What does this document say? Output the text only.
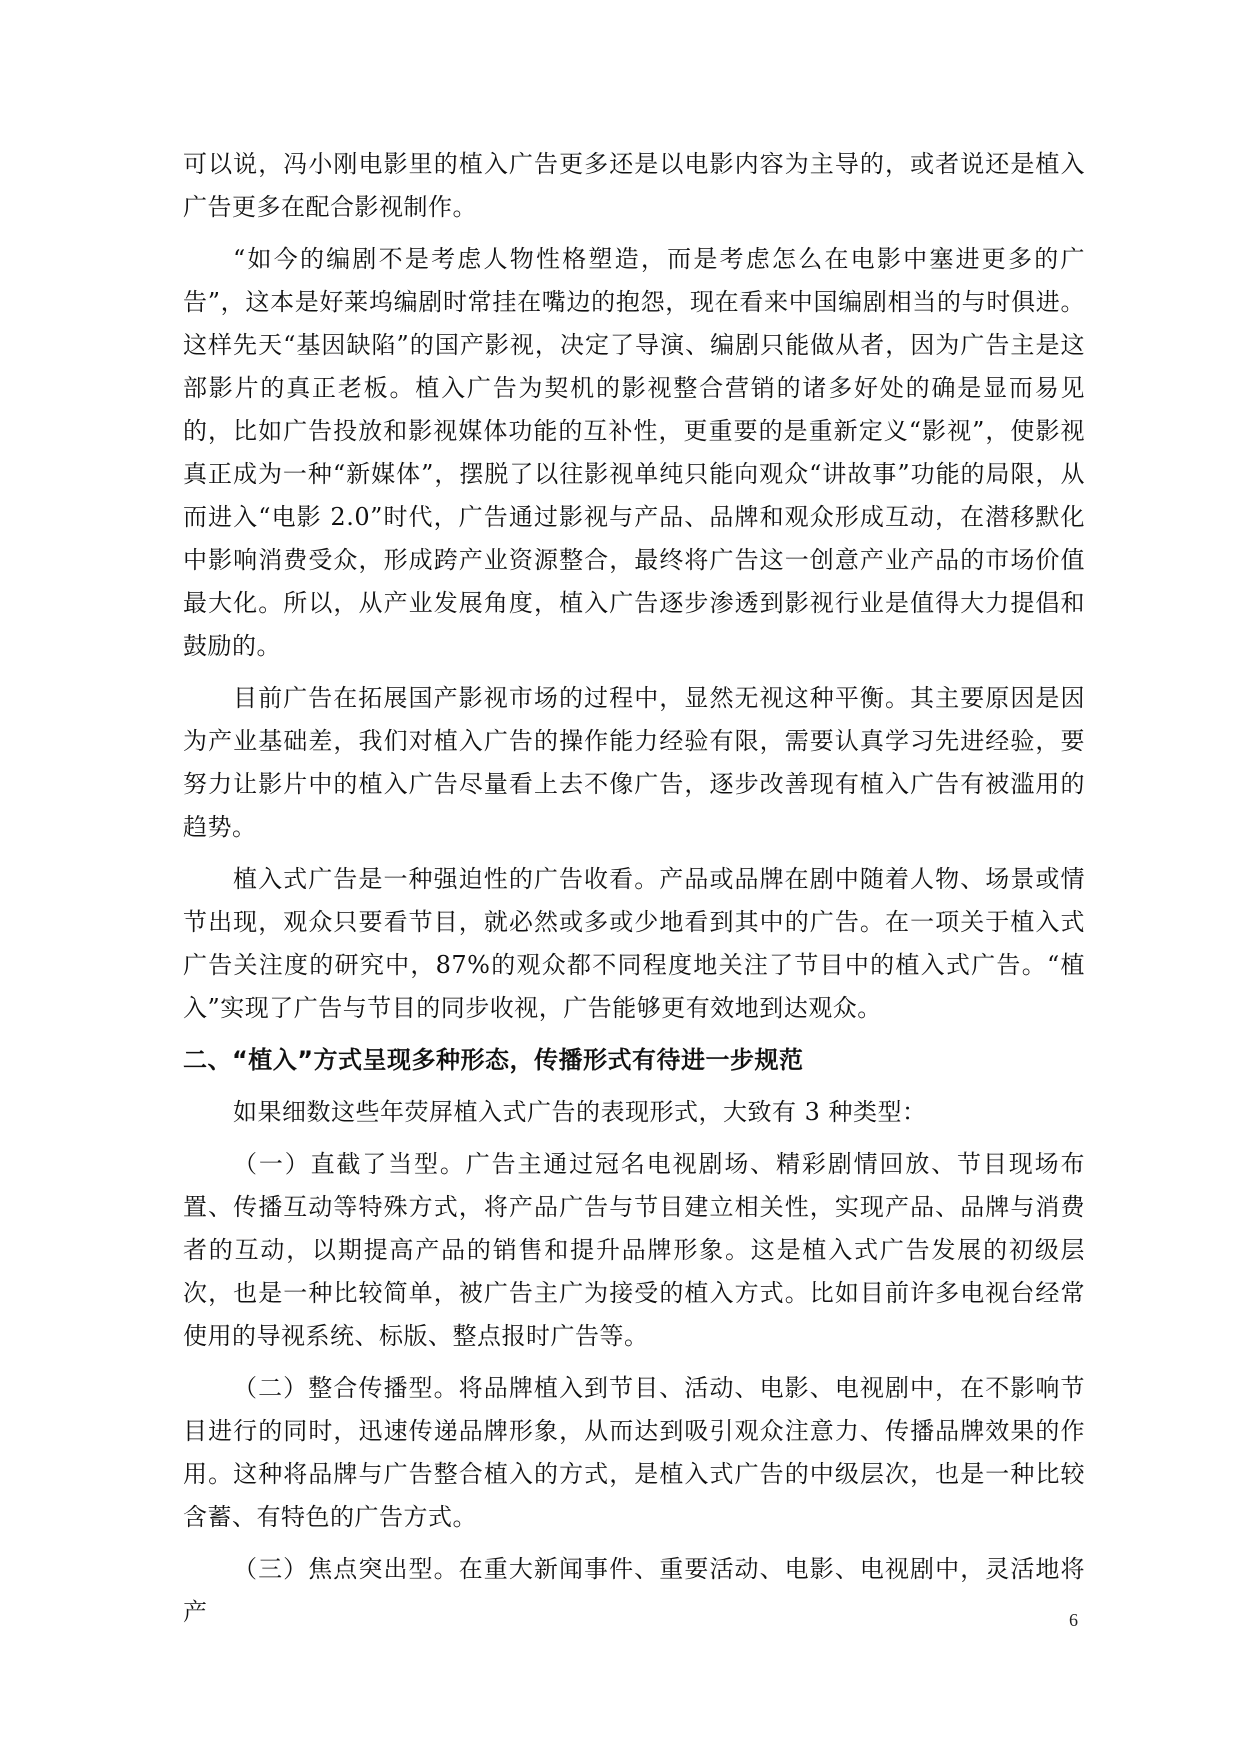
可以说，冯小刚电影里的植入广告更多还是以电影内容为主导的，或者说还是植入广告更多在配合影视制作。

“如今的编剧不是考虑人物性格塑造，而是考虑怎么在电影中塞进更多的广告”，这本是好莱坞编剧时常挂在嘴边的抱怨，现在看来中国编剧相当的与时俱进。这样先天“基因缺陷”的国产影视，决定了导演、编剧只能做从者，因为广告主是这部影片的真正老板。植入广告为契机的影视整合营销的诸多好处的确是显而易见的，比如广告投放和影视媒体功能的互补性，更重要的是重新定义“影视”，使影视真正成为一种“新媒体”，摆脱了以往影视单纯只能向观众“讲故事”功能的局限，从而进入“电影 2.0”时代，广告通过影视与产品、品牌和观众形成互动，在潜移默化中影响消费受众，形成跨产业资源整合，最终将广告这一创意产业产品的市场价值最大化。所以，从产业发展角度，植入广告逐步渗透到影视行业是值得大力提倡和鼓励的。

目前广告在拓展国产影视市场的过程中，显然无视这种平衡。其主要原因是因为产业基础差，我们对植入广告的操作能力经验有限，需要认真学习先进经验，要努力让影片中的植入广告尽量看上去不像广告，逐步改善现有植入广告有被滥用的趋势。

植入式广告是一种强迫性的广告收看。产品或品牌在剧中随着人物、场景或情节出现，观众只要看节目，就必然或多或少地看到其中的广告。在一项关于植入式广告关注度的研究中，87%的观众都不同程度地关注了节目中的植入式广告。“植入”实现了广告与节目的同步收视，广告能够更有效地到达观众。

二、“植入”方式呈现多种形态，传播形式有待进一步规范

如果细数这些年荧屏植入式广告的表现形式，大致有 3 种类型：

（一）直截了当型。广告主通过冠名电视剧场、精彩剧情回放、节目现场布置、传播互动等特殊方式，将产品广告与节目建立相关性，实现产品、品牌与消费者的互动，以期提高产品的销售和提升品牌形象。这是植入式广告发展的初级层次，也是一种比较简单，被广告主广为接受的植入方式。比如目前许多电视台经常使用的导视系统、标版、整点报时广告等。

（二）整合传播型。将品牌植入到节目、活动、电影、电视剧中，在不影响节目进行的同时，迅速传递品牌形象，从而达到吸引观众注意力、传播品牌效果的作用。这种将品牌与广告整合植入的方式，是植入式广告的中级层次，也是一种比较含蓄、有特色的广告方式。

（三）焦点突出型。在重大新闻事件、重要活动、电影、电视剧中，灵活地将产	6
